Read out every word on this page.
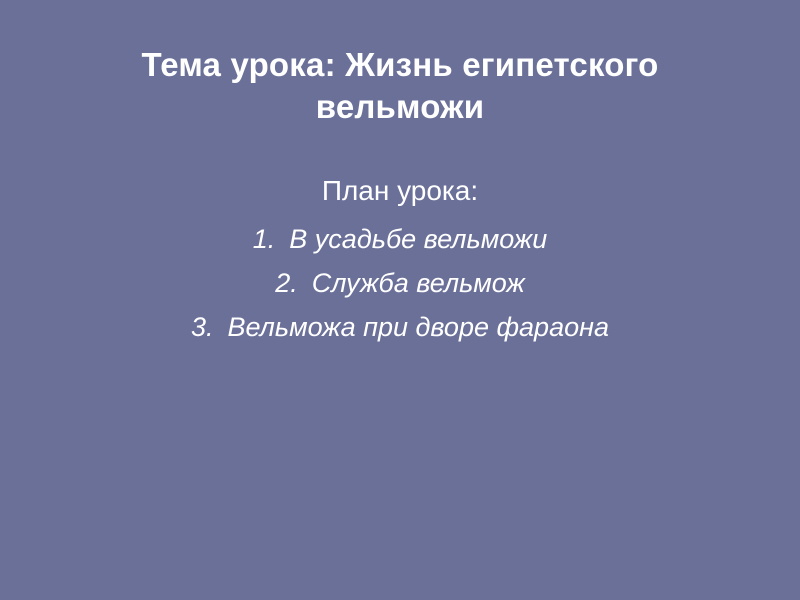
Тема урока: Жизнь египетского вельможи
План урока:
1. В усадьбе вельможи
2. Служба вельмож
3. Вельможа при дворе фараона
